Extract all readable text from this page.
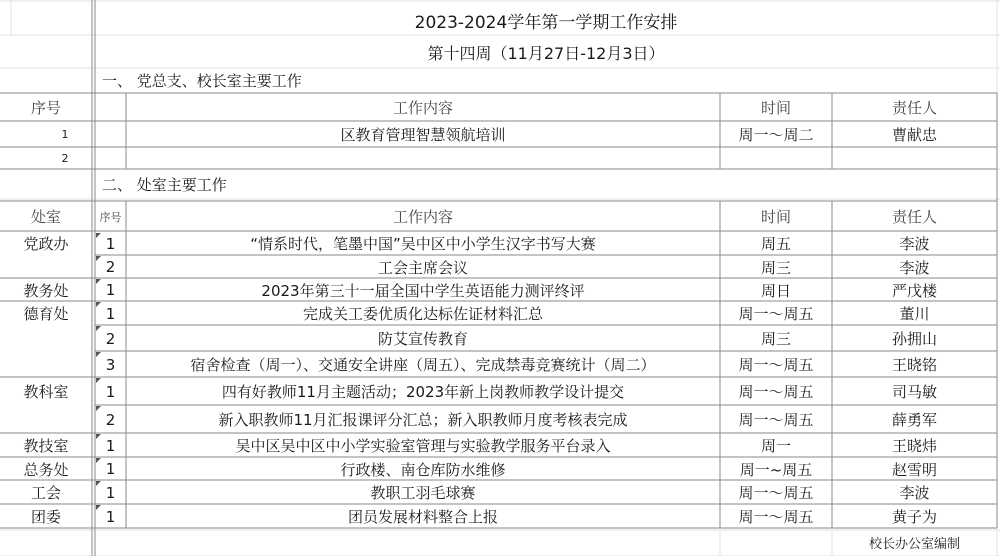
2023-2024学年第一学期工作安排
第十四周（11月27日-12月3日）
一、 党总支、校长室主要工作
序号	工作内容	时间	责任人
1	区教育管理智慧领航培训	周一～周二	曹献忠
2
二、 处室主要工作
处室	序号	工作内容	时间	责任人
党政办	1	“情系时代，笔墨中国”吴中区中小学生汉字书写大赛	周五	李波
2	工会主席会议	周三	李波
教务处	1	2023年第三十一届全国中学生英语能力测评终评	周日	严戊楼
德育处	1	完成关工委优质化达标佐证材料汇总	周一～周五	董川
2	防艾宣传教育	周三	孙拥山
3	宿舍检查（周一）、交通安全讲座（周五）、完成禁毒竞赛统计（周二）	周一～周五	王晓铭
教科室	1	四有好教师11月主题活动；2023年新上岗教师教学设计提交	周一～周五	司马敏
2	新入职教师11月汇报课评分汇总；新入职教师月度考核表完成	周一～周五	薛勇军
教技室	1	吴中区吴中区中小学实验室管理与实验教学服务平台录入	周一	王晓炜
总务处	1	行政楼、南仓库防水维修	周一~周五	赵雪明
工会	1	教职工羽毛球赛	周一～周五	李波
团委	1	团员发展材料整合上报	周一～周五	黄子为
校长办公室编制
